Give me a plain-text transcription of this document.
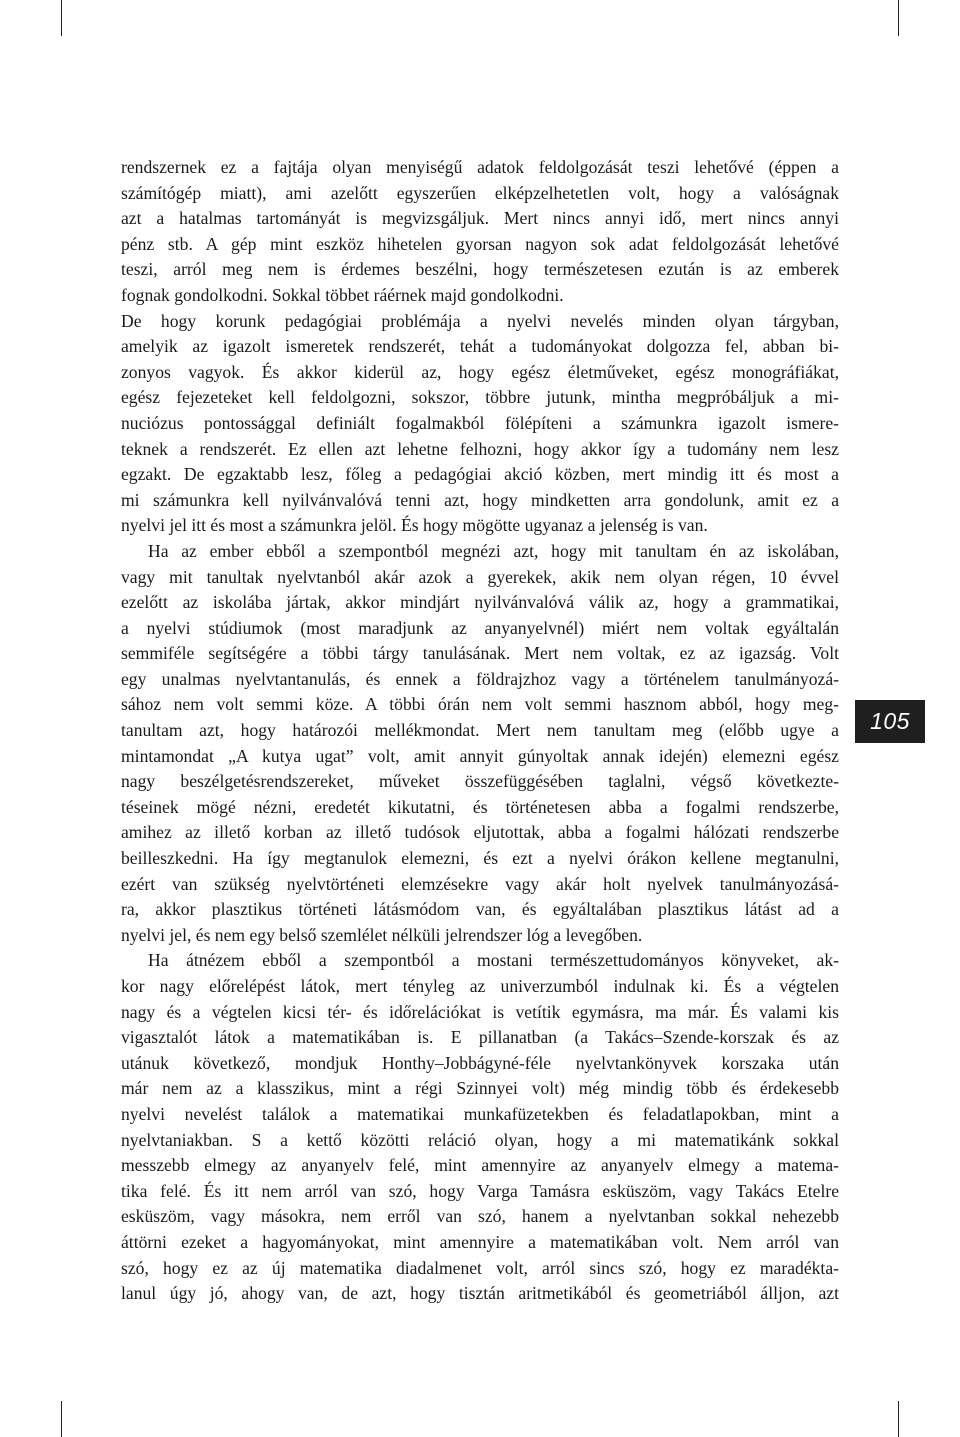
rendszernek ez a fajtája olyan menyiségű adatok feldolgozását teszi lehetővé (éppen a
számítógép miatt), ami azelőtt egyszerűen elképzelhetetlen volt, hogy a valóságnak
azt a hatalmas tartományát is megvizsgáljuk. Mert nincs annyi idő, mert nincs annyi
pénz stb. A gép mint eszköz hihetelen gyorsan nagyon sok adat feldolgozását lehetővé
teszi, arról meg nem is érdemes beszélni, hogy természetesen ezután is az emberek
fognak gondolkodni. Sokkal többet ráérnek majd gondolkodni.
De hogy korunk pedagógiai problémája a nyelvi nevelés minden olyan tárgyban,
amelyik az igazolt ismeretek rendszerét, tehát a tudományokat dolgozza fel, abban bi-
zonyos vagyok. És akkor kiderül az, hogy egész életműveket, egész monográfiákat,
egész fejezeteket kell feldolgozni, sokszor, többre jutunk, mintha megpróbáljuk a mi-
nuciózus pontossággal definiált fogalmakból fölépíteni a számunkra igazolt ismere-
teknek a rendszerét. Ez ellen azt lehetne felhozni, hogy akkor így a tudomány nem lesz
egzakt. De egzaktabb lesz, főleg a pedagógiai akció közben, mert mindig itt és most a
mi számunkra kell nyilvánvalóvá tenni azt, hogy mindketten arra gondolunk, amit ez a
nyelvi jel itt és most a számunkra jelöl. És hogy mögötte ugyanaz a jelenség is van.
Ha az ember ebből a szempontból megnézi azt, hogy mit tanultam én az iskolában,
vagy mit tanultak nyelvtanból akár azok a gyerekek, akik nem olyan régen, 10 évvel
ezelőtt az iskolába jártak, akkor mindjárt nyilvánvalóvá válik az, hogy a grammatikai,
a nyelvi stúdiumok (most maradjunk az anyanyelvnél) miért nem voltak egyáltalán
semmiféle segítségére a többi tárgy tanulásának. Mert nem voltak, ez az igazság. Volt
egy unalmas nyelvtantanulás, és ennek a földrajzhoz vagy a történelem tanulmányozá-
sához nem volt semmi köze. A többi órán nem volt semmi hasznom abból, hogy meg-
tanultam azt, hogy határozói mellékmondat. Mert nem tanultam meg (előbb ugye a
mintamondat „A kutya ugat” volt, amit annyit gúnyoltak annak idején) elemezni egész
nagy beszélgetésrendszereket, műveket összefüggésében taglalni, végső következte-
téseinek mögé nézni, eredetét kikutatni, és történetesen abba a fogalmi rendszerbe,
amihez az illető korban az illető tudósok eljutottak, abba a fogalmi hálózati rendszerbe
beilleszkedni. Ha így megtanulok elemezni, és ezt a nyelvi órákon kellene megtanulni,
ezért van szükség nyelvtörténeti elemzésekre vagy akár holt nyelvek tanulmányozásá-
ra, akkor plasztikus történeti látásmódom van, és egyáltalában plasztikus látást ad a
nyelvi jel, és nem egy belső szemlélet nélküli jelrendszer lóg a levegőben.
Ha átnézem ebből a szempontból a mostani természettudományos könyveket, ak-
kor nagy előrelépést látok, mert tényleg az univerzumból indulnak ki. És a végtelen
nagy és a végtelen kicsi tér- és időrelációkat is vetítik egymásra, ma már. És valami kis
vigasztalót látok a matematikában is. E pillanatban (a Takács–Szende-korszak és az
utánuk következő, mondjuk Honthy–Jobbágyné-féle nyelvtankönyvek korszaka után
már nem az a klasszikus, mint a régi Szinnyei volt) még mindig több és érdekesebb
nyelvi nevelést találok a matematikai munkafüzetekben és feladatlapokban, mint a
nyelvtaniakban. S a kettő közötti reláció olyan, hogy a mi matematikánk sokkal
messzebb elmegy az anyanyelv felé, mint amennyire az anyanyelv elmegy a matema-
tika felé. És itt nem arról van szó, hogy Varga Tamásra esküszöm, vagy Takács Etelre
esküszöm, vagy másokra, nem erről van szó, hanem a nyelvtanban sokkal nehezebb
áttörni ezeket a hagyományokat, mint amennyire a matematikában volt. Nem arról van
szó, hogy ez az új matematika diadalmenet volt, arról sincs szó, hogy ez maradékta-
lanul úgy jó, ahogy van, de azt, hogy tisztán aritmetikából és geometriából álljon, azt
105
